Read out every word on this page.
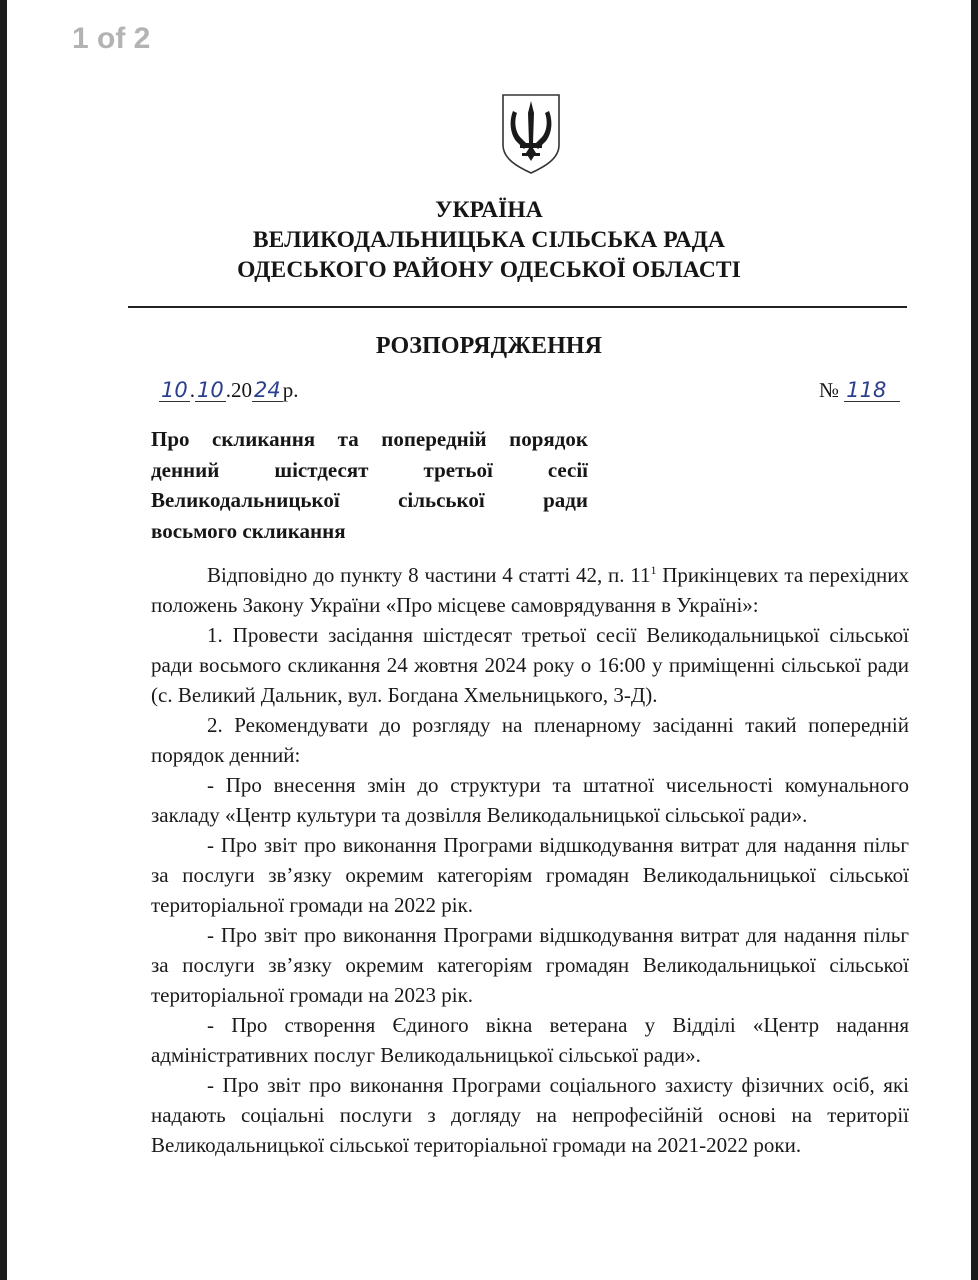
1 of 2
УКРАЇНА
ВЕЛИКОДАЛЬНИЦЬКА СІЛЬСЬКА РАДА
ОДЕСЬКОГО РАЙОНУ ОДЕСЬКОЇ ОБЛАСТІ
РОЗПОРЯДЖЕННЯ
10.10.2024р.	№ 118
Про скликання та попередній порядок
денний шістдесят третьої сесії
Великодальницької сільської ради
восьмого скликання

Відповідно до пункту 8 частини 4 статті 42, п. $11^1$ Прикінцевих та перехідних положень Закону України «Про місцеве самоврядування в Україні»:

1. Провести засідання шістдесят третьої сесії Великодальницької сільської ради восьмого скликання 24 жовтня 2024 року о 16:00 у приміщенні сільської ради (с. Великий Дальник, вул. Богдана Хмельницького, 3-Д).

2. Рекомендувати до розгляду на пленарному засіданні такий попередній порядок денний:

- Про внесення змін до структури та штатної чисельності комунального закладу «Центр культури та дозвілля Великодальницької сільської ради».

- Про звіт про виконання Програми відшкодування витрат для надання пільг за послуги зв’язку окремим категоріям громадян Великодальницької сільської територіальної громади на 2022 рік.

- Про звіт про виконання Програми відшкодування витрат для надання пільг за послуги зв’язку окремим категоріям громадян Великодальницької сільської територіальної громади на 2023 рік.

- Про створення Єдиного вікна ветерана у Відділі «Центр надання адміністративних послуг Великодальницької сільської ради».

- Про звіт про виконання Програми соціального захисту фізичних осіб, які надають соціальні послуги з догляду на непрофесійній основі на території Великодальницької сільської територіальної громади на 2021-2022 роки.
